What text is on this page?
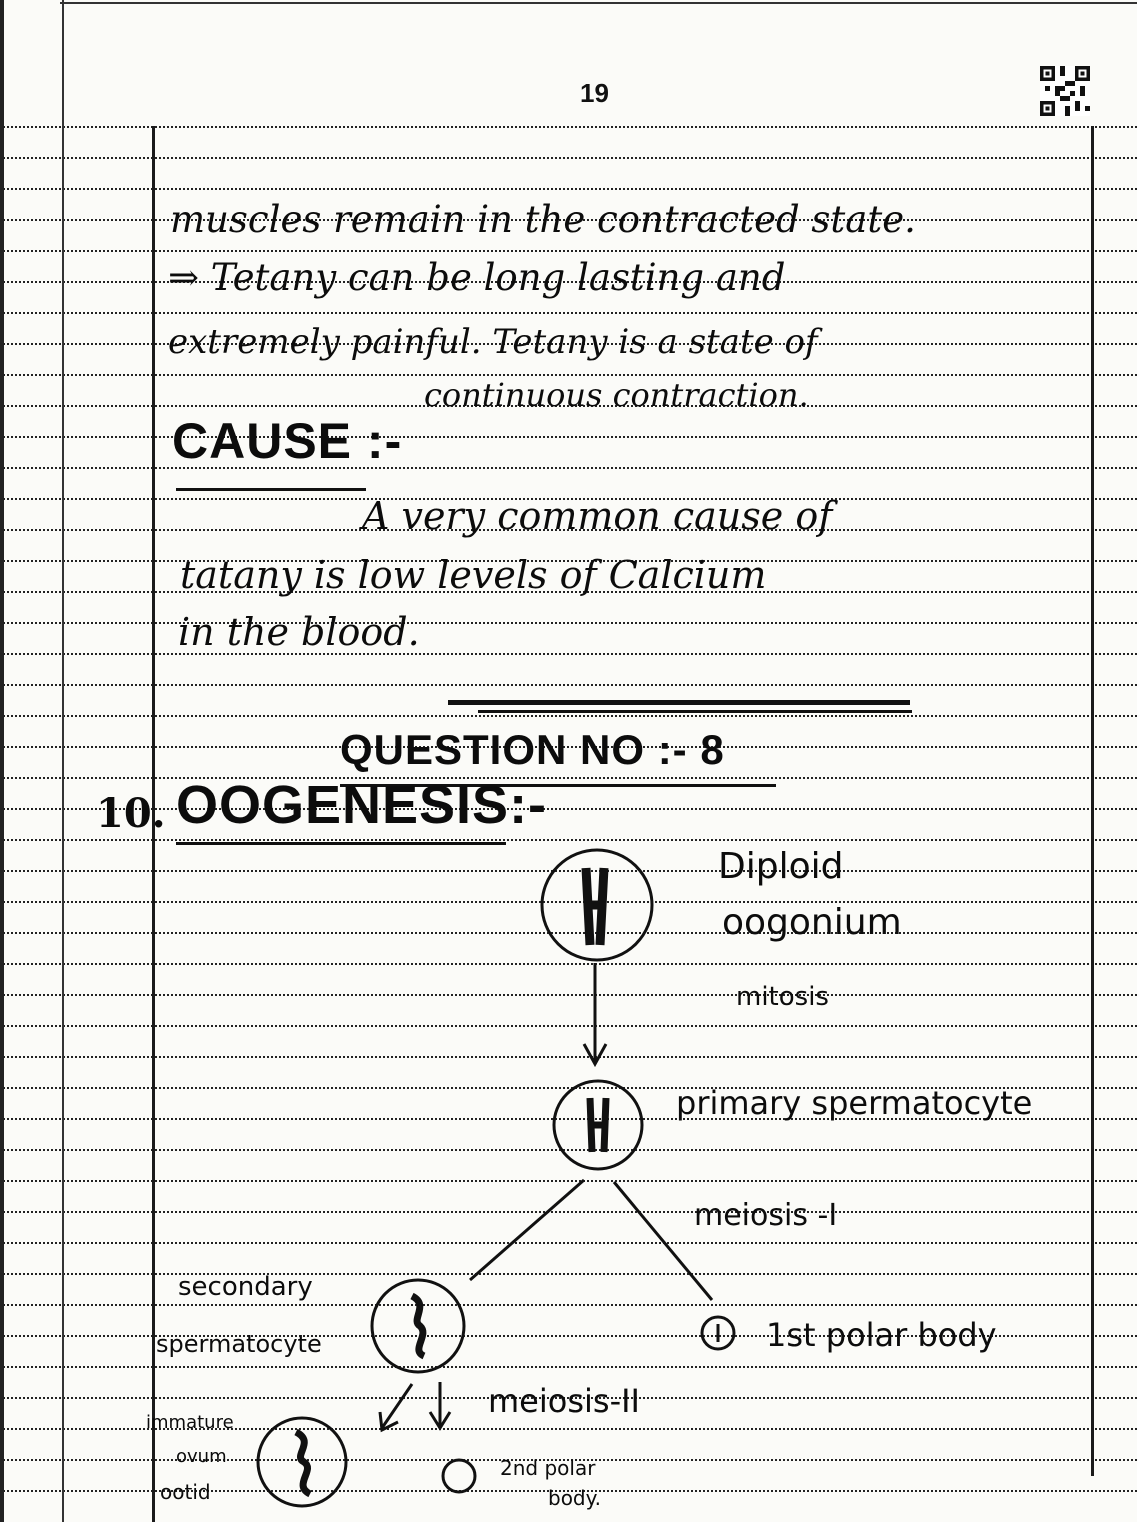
19
muscles remain in the contracted state.
⇒ Tetany can be long lasting and
extremely painful. Tetany is a state of
continuous contraction.
CAUSE :-
A very common cause of
tatany is low levels of Calcium
in the blood.
QUESTION NO :- 8
10. OOGENESIS:-
Diploid
oogonium
mitosis
primary spermatocyte
meiosis -I
secondary
spermatocyte	1st polar body
meiosis-II
immature
ovum
ootid
2nd polar
body.
